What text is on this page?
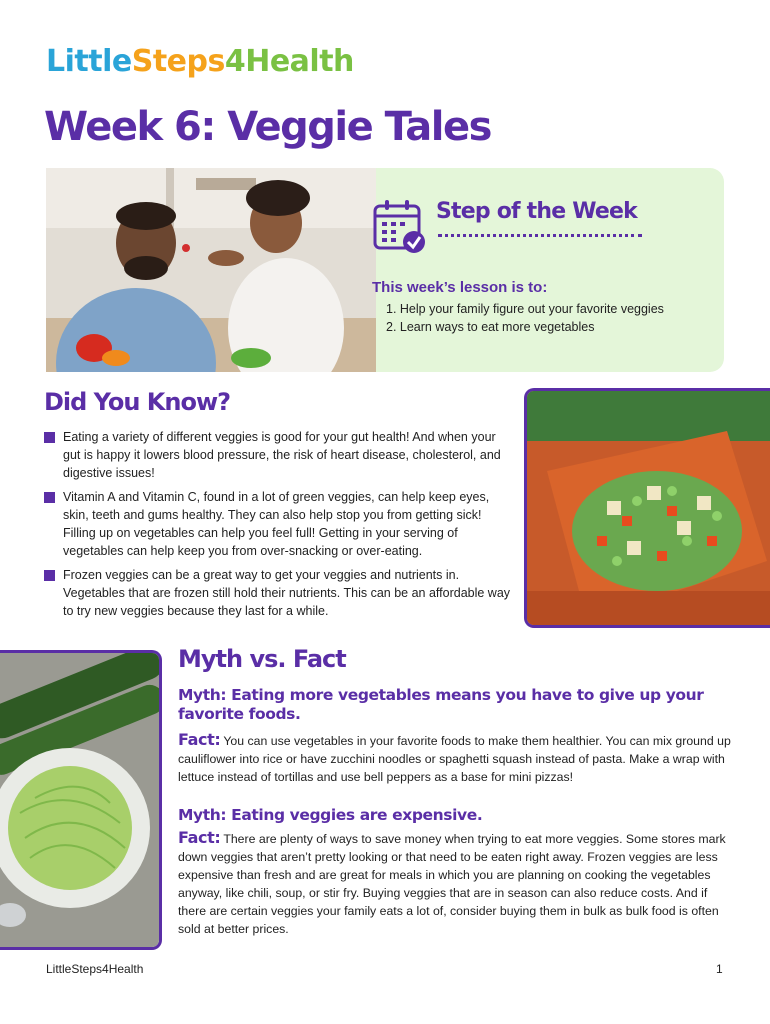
LittleSteps4Health
Week 6: Veggie Tales
Step of the Week
This week’s lesson is to:
1. Help your family figure out your favorite veggies
2. Learn ways to eat more vegetables
Did You Know?
Eating a variety of different veggies is good for your gut health! And when your gut is happy it lowers blood pressure, the risk of heart disease, cholesterol, and digestive issues!
Vitamin A and Vitamin C, found in a lot of green veggies, can help keep eyes, skin, teeth and gums healthy. They can also help stop you from getting sick! Filling up on vegetables can help you feel full! Getting in your serving of vegetables can help keep you from over-snacking or over-eating.
Frozen veggies can be a great way to get your veggies and nutrients in. Vegetables that are frozen still hold their nutrients. This can be an affordable way to try new veggies because they last for a while.
Myth vs. Fact
Myth: Eating more vegetables means you have to give up your favorite foods.

Fact: You can use vegetables in your favorite foods to make them healthier. You can mix ground up cauliflower into rice or have zucchini noodles or spaghetti squash instead of pasta. Make a wrap with lettuce instead of tortillas and use bell peppers as a base for mini pizzas!

Myth: Eating veggies are expensive.

Fact: There are plenty of ways to save money when trying to eat more veggies. Some stores mark down veggies that aren’t pretty looking or that need to be eaten right away. Frozen veggies are less expensive than fresh and are great for meals in which you are planning on cooking the vegetables anyway, like chili, soup, or stir fry. Buying veggies that are in season can also reduce costs. And if there are certain veggies your family eats a lot of, consider buying them in bulk as bulk food is often sold at better prices.

LittleSteps4Health	1
